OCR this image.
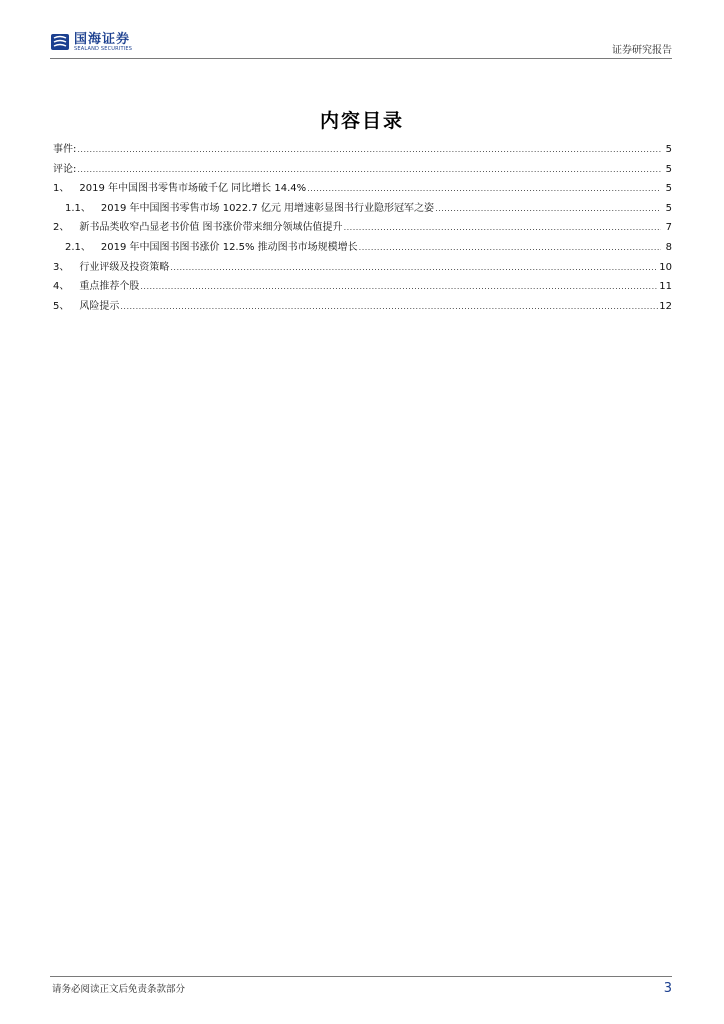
国海证券
SEALAND SECURITIES	证券研究报告
内容目录
事件: .....	5
评论: .....	5
1、 2019 年中国图书零售市场破千亿 同比增长 14.4% .....	5
1.1、 2019 年中国图书零售市场 1022.7 亿元 用增速彰显图书行业隐形冠军之姿 .....	5
2、 新书品类收窄凸显老书价值 图书涨价带来细分领域估值提升 .....	7
2.1、 2019 年中国图书图书涨价 12.5% 推动图书市场规模增长 .....	8
3、 行业评级及投资策略 .....	10
4、 重点推荐个股 .....	11
5、 风险提示 .....	12
请务必阅读正文后免责条款部分	3
